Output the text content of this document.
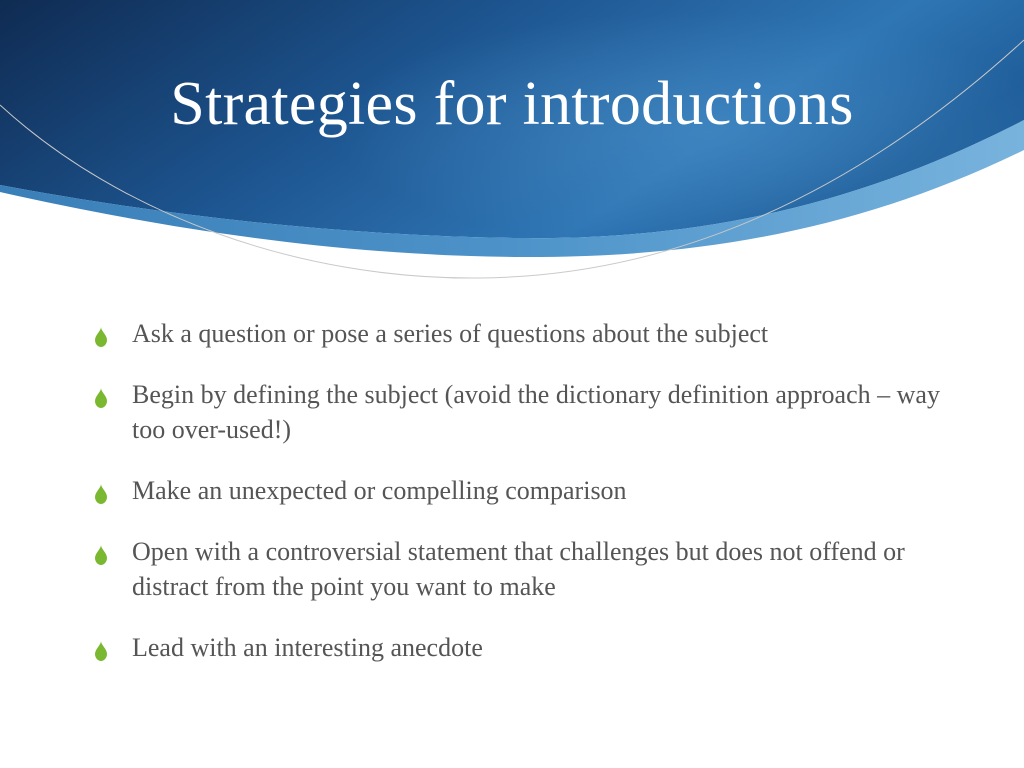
Strategies for introductions
Ask a question or pose a series of questions about the subject
Begin by defining the subject (avoid the dictionary definition approach – way too over-used!)
Make an unexpected or compelling comparison
Open with a controversial statement that challenges but does not offend or distract from the point you want to make
Lead with an interesting anecdote
